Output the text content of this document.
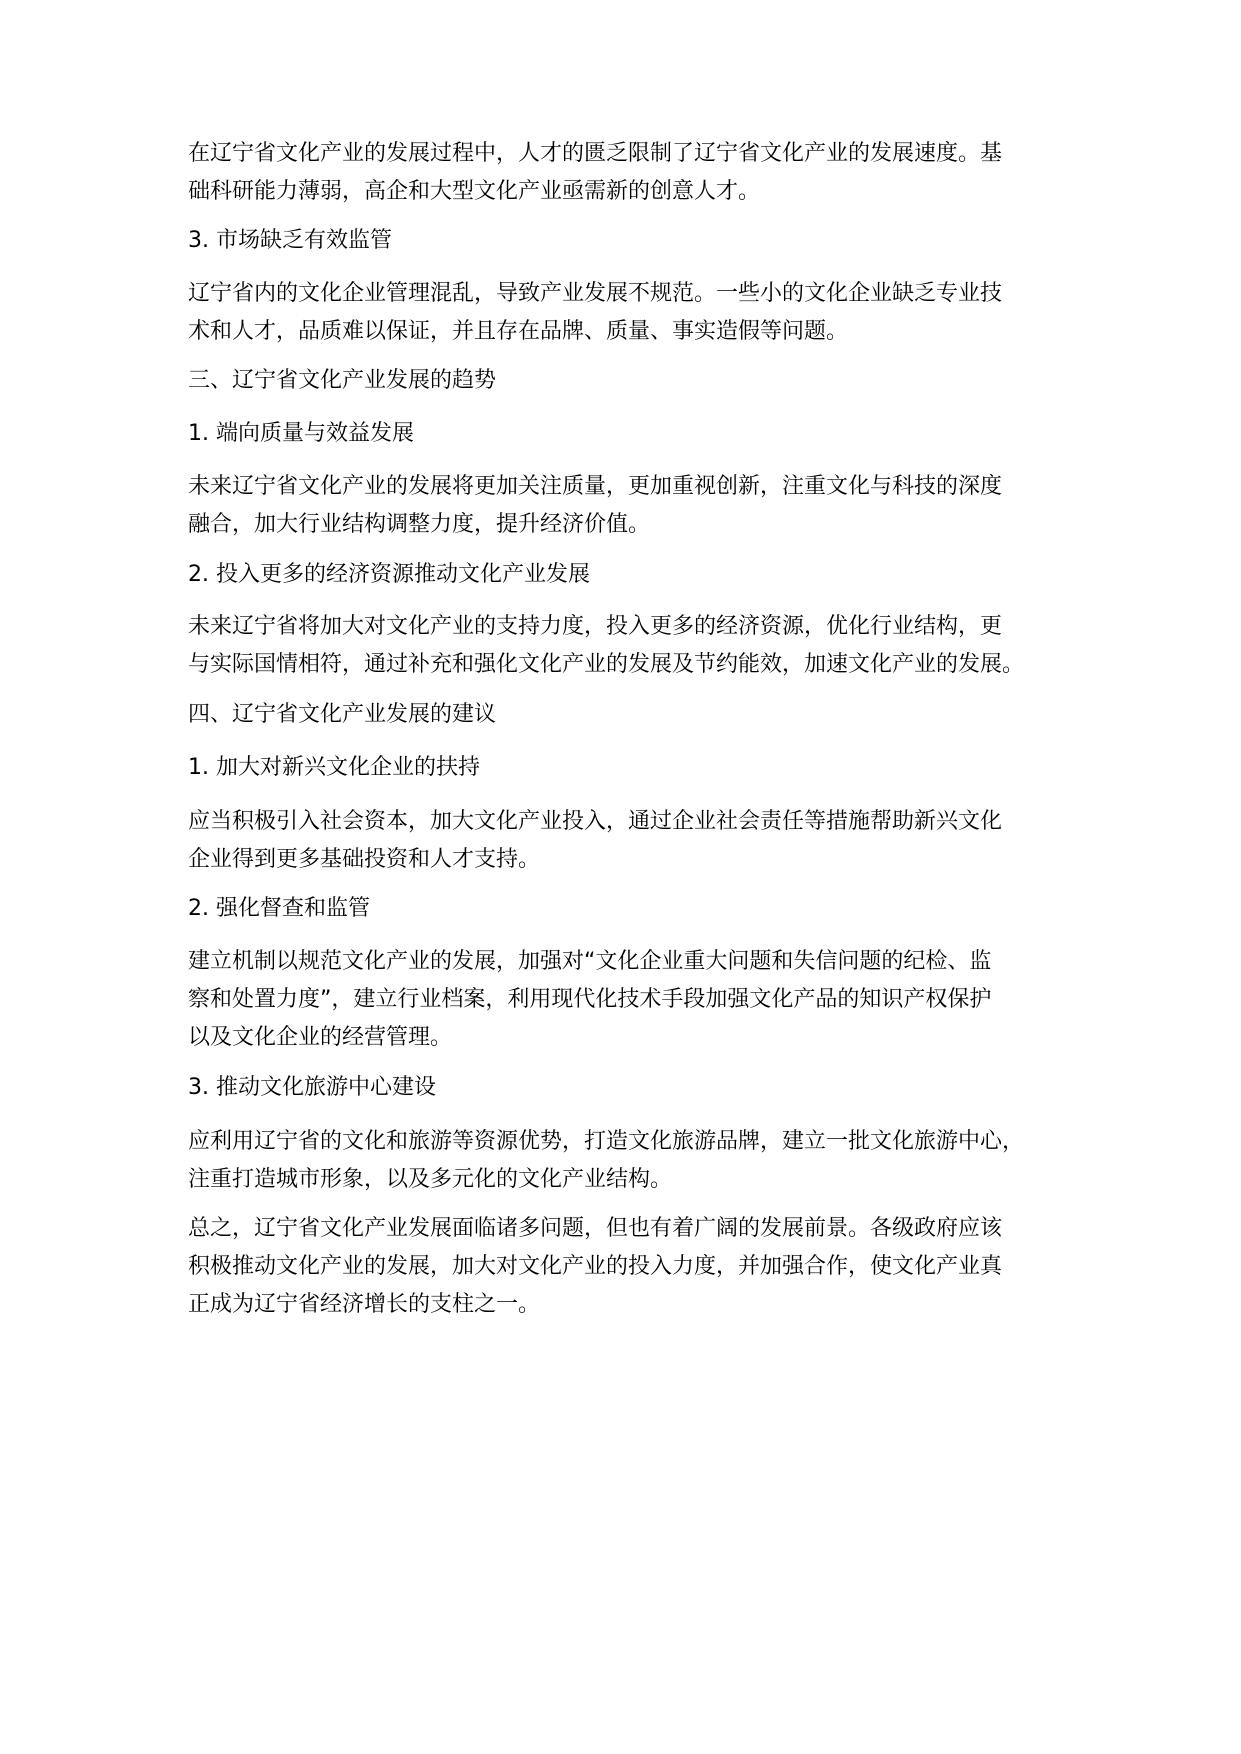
在辽宁省文化产业的发展过程中，人才的匮乏限制了辽宁省文化产业的发展速度。基
础科研能力薄弱，高企和大型文化产业亟需新的创意人才。
3. 市场缺乏有效监管
辽宁省内的文化企业管理混乱，导致产业发展不规范。一些小的文化企业缺乏专业技
术和人才，品质难以保证，并且存在品牌、质量、事实造假等问题。
三、辽宁省文化产业发展的趋势
1. 端向质量与效益发展
未来辽宁省文化产业的发展将更加关注质量，更加重视创新，注重文化与科技的深度
融合，加大行业结构调整力度，提升经济价值。
2. 投入更多的经济资源推动文化产业发展
未来辽宁省将加大对文化产业的支持力度，投入更多的经济资源，优化行业结构，更
与实际国情相符，通过补充和强化文化产业的发展及节约能效，加速文化产业的发展。
四、辽宁省文化产业发展的建议
1. 加大对新兴文化企业的扶持
应当积极引入社会资本，加大文化产业投入，通过企业社会责任等措施帮助新兴文化
企业得到更多基础投资和人才支持。
2. 强化督查和监管
建立机制以规范文化产业的发展，加强对“文化企业重大问题和失信问题的纪检、监
察和处置力度”，建立行业档案，利用现代化技术手段加强文化产品的知识产权保护
以及文化企业的经营管理。
3. 推动文化旅游中心建设
应利用辽宁省的文化和旅游等资源优势，打造文化旅游品牌，建立一批文化旅游中心，
注重打造城市形象，以及多元化的文化产业结构。
总之，辽宁省文化产业发展面临诸多问题，但也有着广阔的发展前景。各级政府应该
积极推动文化产业的发展，加大对文化产业的投入力度，并加强合作，使文化产业真
正成为辽宁省经济增长的支柱之一。
